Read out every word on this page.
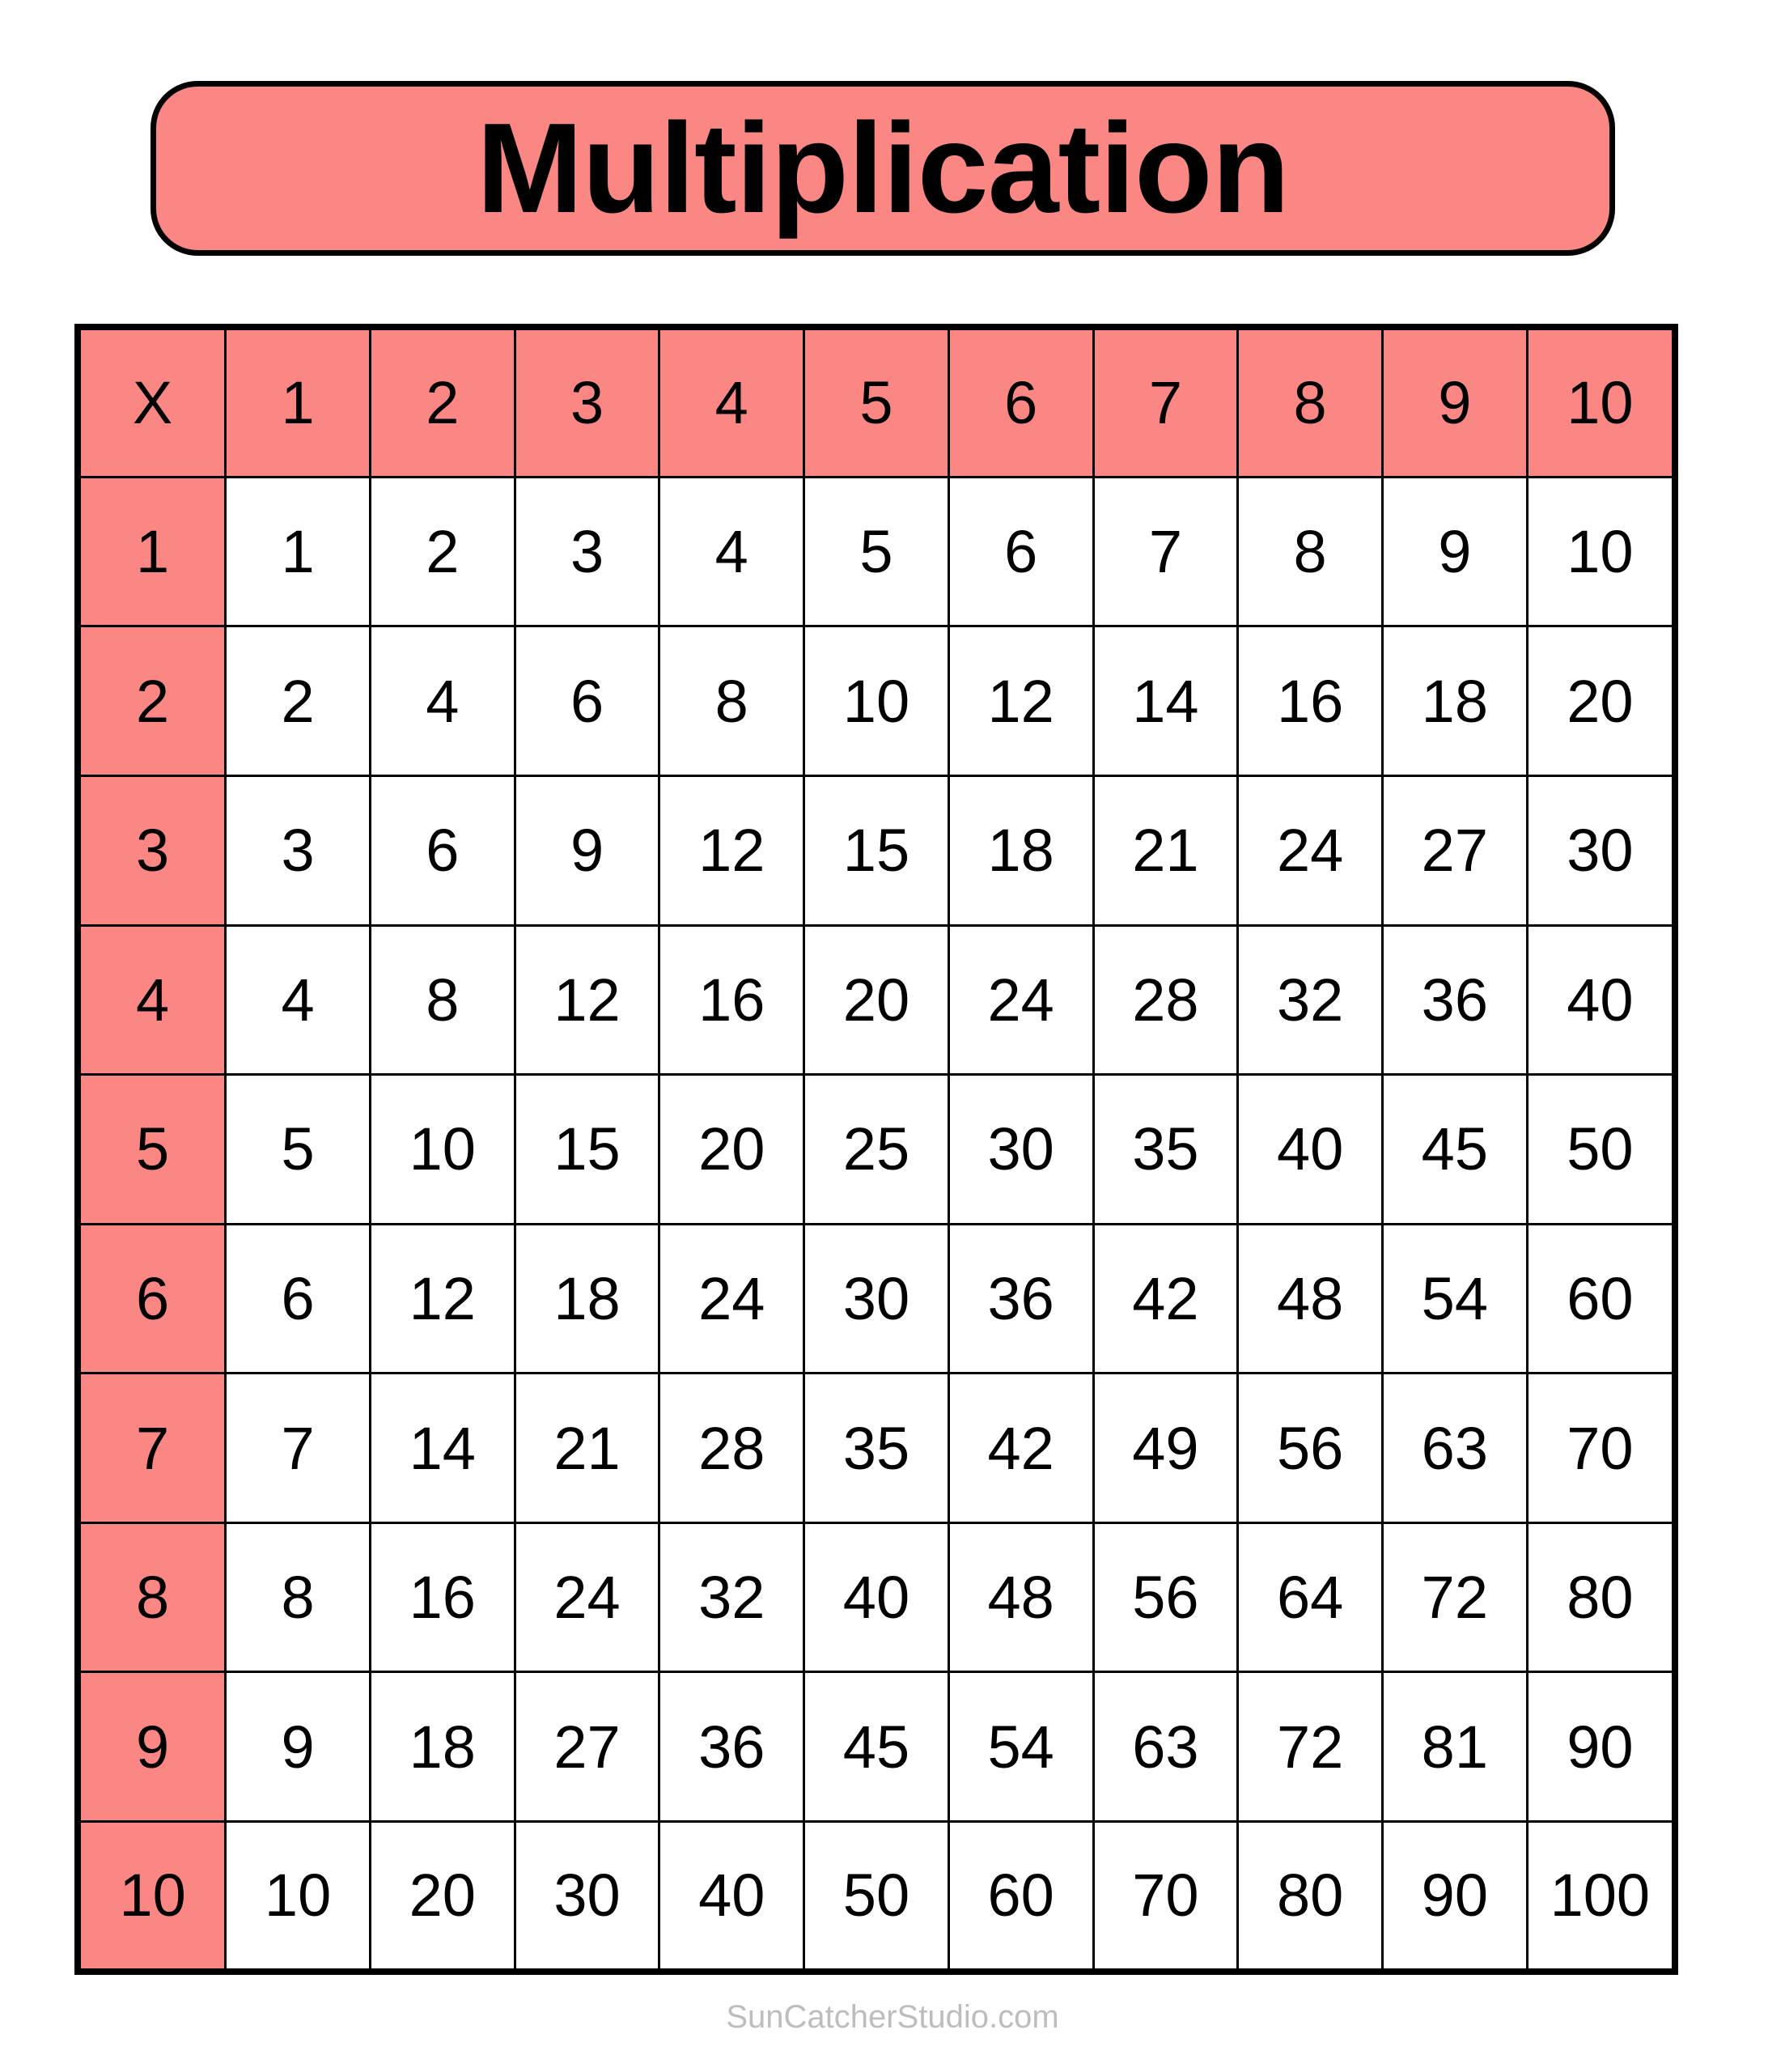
Multiplication
X	1	2	3	4	5	6	7	8	9	10
1	1	2	3	4	5	6	7	8	9	10
2	2	4	6	8	10	12	14	16	18	20
3	3	6	9	12	15	18	21	24	27	30
4	4	8	12	16	20	24	28	32	36	40
5	5	10	15	20	25	30	35	40	45	50
6	6	12	18	24	30	36	42	48	54	60
7	7	14	21	28	35	42	49	56	63	70
8	8	16	24	32	40	48	56	64	72	80
9	9	18	27	36	45	54	63	72	81	90
10	10	20	30	40	50	60	70	80	90	100
SunCatcherStudio.com
